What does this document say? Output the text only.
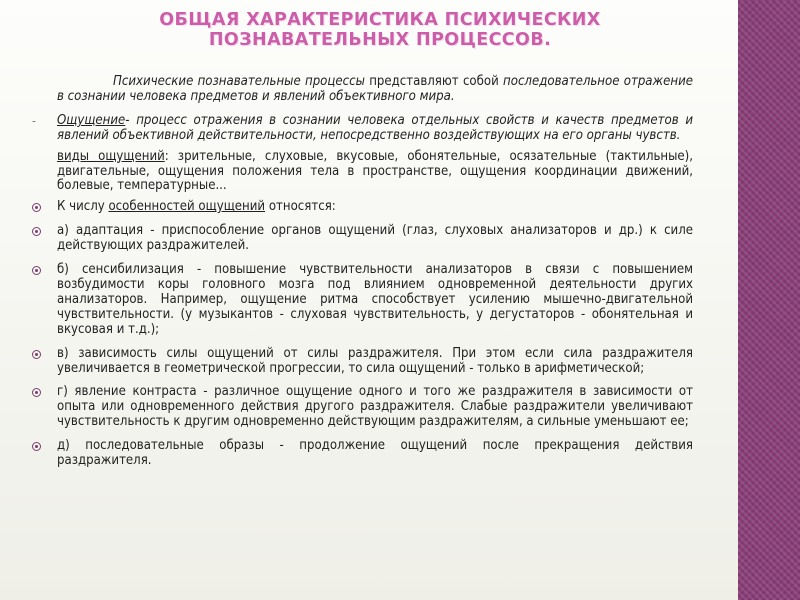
ОБЩАЯ ХАРАКТЕРИСТИКА ПСИХИЧЕСКИХ ПОЗНАВАТЕЛЬНЫХ ПРОЦЕССОВ.
Психические познавательные процессы представляют собой последовательное отражение в сознании человека предметов и явлений объективного мира.
- Ощущение- процесс отражения в сознании человека отдельных свойств и качеств предметов и явлений объективной действительности, непосредственно воздействующих на его органы чувств.
виды ощущений: зрительные, слуховые, вкусовые, обонятельные, осязательные (тактильные), двигательные, ощущения положения тела в пространстве, ощущения координации движений, болевые, температурные...
К числу особенностей ощущений относятся:
а) адаптация - приспособление органов ощущений (глаз, слуховых анализаторов и др.) к силе действующих раздражителей.
б) сенсибилизация - повышение чувствительности анализаторов в связи с повышением возбудимости коры головного мозга под влиянием одновременной деятельности других анализаторов. Например, ощущение ритма способствует усилению мышечно-двигательной чувствительности. (у музыкантов - слуховая чувствительность, у дегустаторов - обонятельная и вкусовая и т.д.);
в) зависимость силы ощущений от силы раздражителя. При этом если сила раздражителя увеличивается в геометрической прогрессии, то сила ощущений - только в арифметической;
г) явление контраста - различное ощущение одного и того же раздражителя в зависимости от опыта или одновременного действия другого раздражителя. Слабые раздражители увеличивают чувствительность к другим одновременно действующим раздражителям, а сильные уменьшают ее;
д) последовательные образы - продолжение ощущений после прекращения действия раздражителя.
